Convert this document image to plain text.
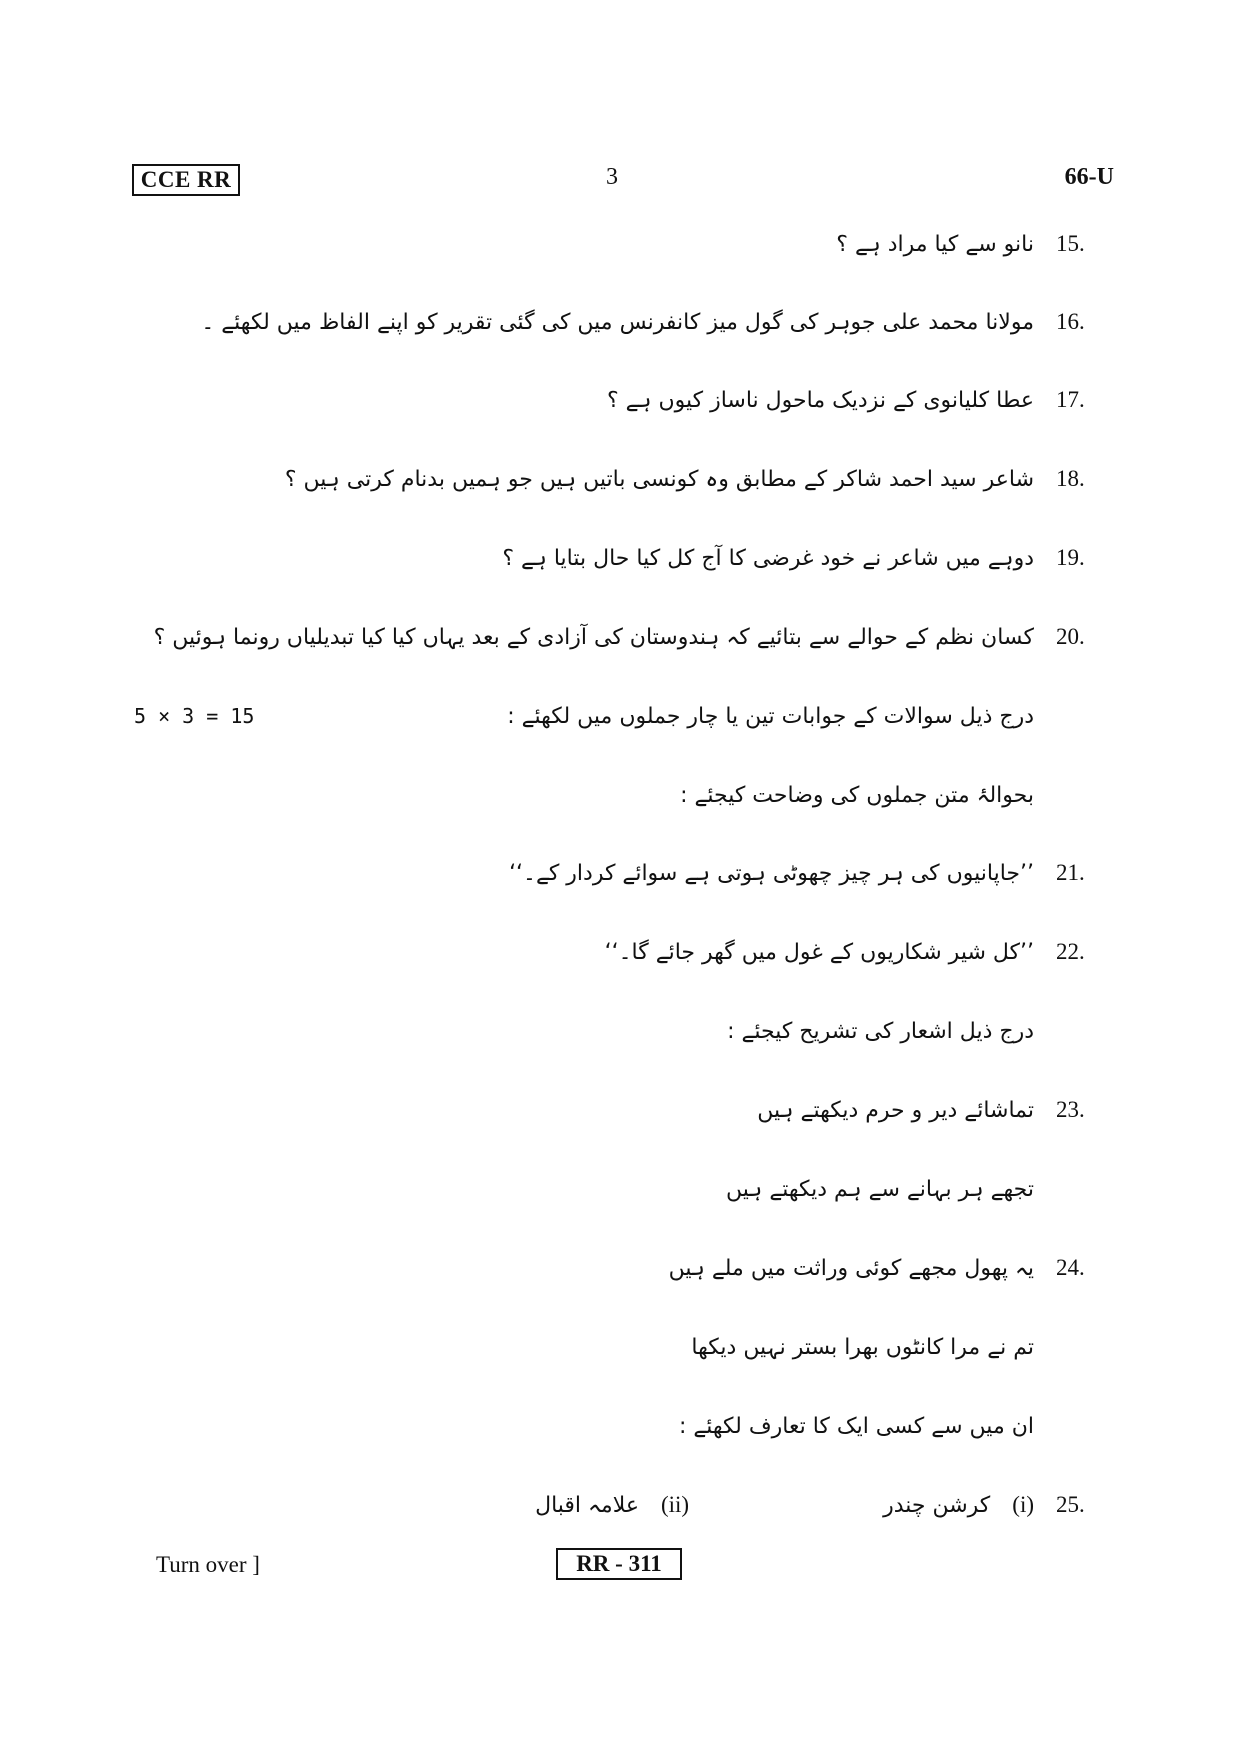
CCE RR	3	66-U
نانو سے کیا مراد ہے ؟ 15.
مولانا محمد علی جوہر کی گول میز کانفرنس میں کی گئی تقریر کو اپنے الفاظ میں لکھئے ۔ 16.
عطا کلیانوی کے نزدیک ماحول ناساز کیوں ہے ؟ 17.
شاعر سید احمد شاکر کے مطابق وہ کونسی باتیں ہیں جو ہمیں بدنام کرتی ہیں ؟ 18.
دوہے میں شاعر نے خود غرضی کا آج کل کیا حال بتایا ہے ؟ 19.
کسان نظم کے حوالے سے بتائیے کہ ہندوستان کی آزادی کے بعد یہاں کیا کیا تبدیلیاں رونما ہوئیں ؟ 20.
درج ذیل سوالات کے جوابات تین یا چار جملوں میں لکھئے :
5 × 3 = 15
بحوالۂ متن جملوں کی وضاحت کیجئے :
’’جاپانیوں کی ہر چیز چھوٹی ہوتی ہے سوائے کردار کے۔‘‘ 21.
’’کل شیر شکاریوں کے غول میں گھر جائے گا۔‘‘ 22.
درج ذیل اشعار کی تشریح کیجئے :
تماشائے دیر و حرم دیکھتے ہیں 23.
تجھے ہر بہانے سے ہم دیکھتے ہیں
یہ پھول مجھے کوئی وراثت میں ملے ہیں 24.
تم نے مرا کانٹوں بھرا بستر نہیں دیکھا
ان میں سے کسی ایک کا تعارف لکھئے :
علامہ اقبال (ii)	کرشن چندر (i) 25.
Turn over ]	RR - 311
